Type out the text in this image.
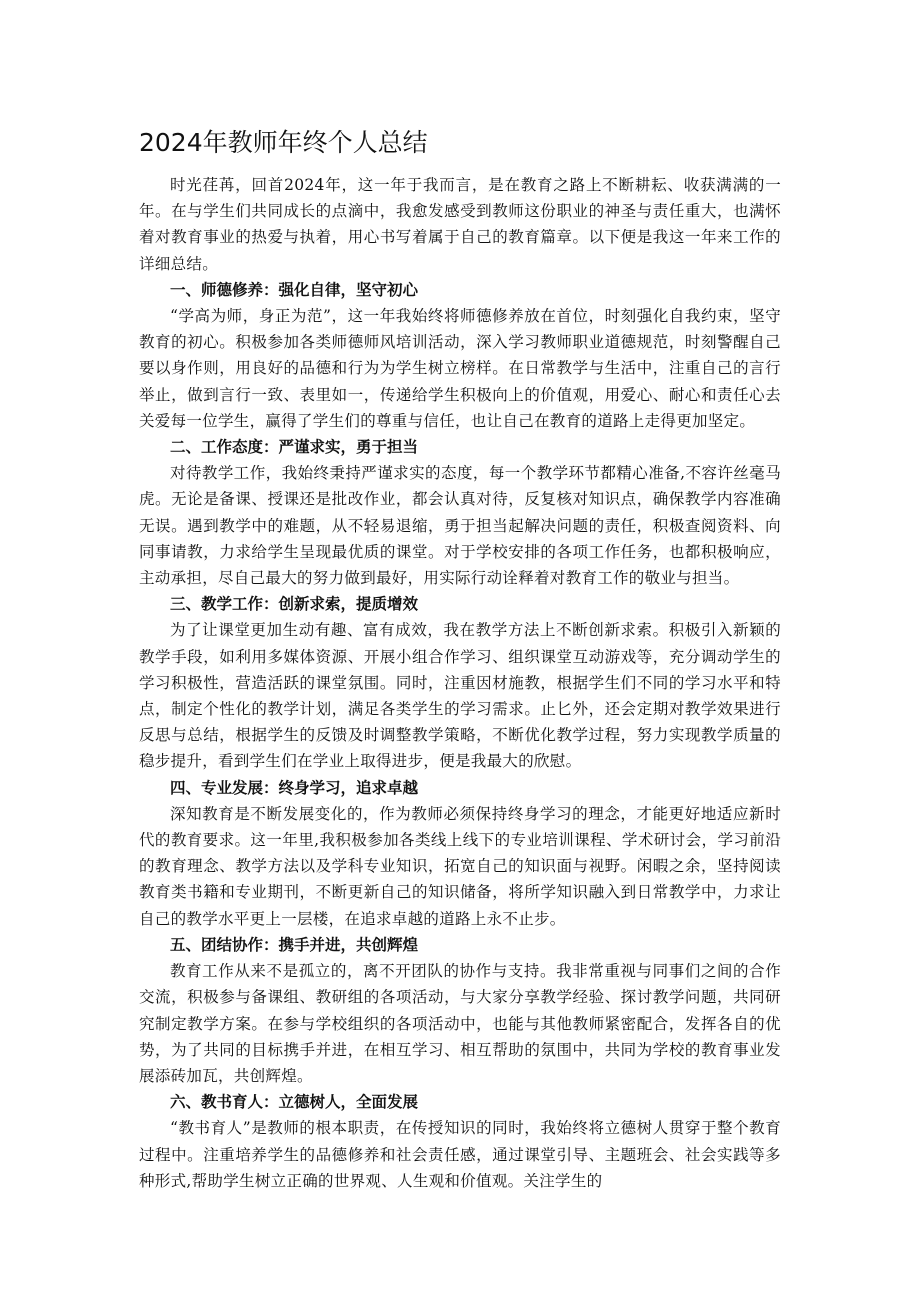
2024年教师年终个人总结

时光荏苒，回首2024年，这一年于我而言，是在教育之路上不断耕耘、收获满满的一年。在与学生们共同成长的点滴中，我愈发感受到教师这份职业的神圣与责任重大，也满怀着对教育事业的热爱与执着，用心书写着属于自己的教育篇章。以下便是我这一年来工作的详细总结。

一、师德修养：强化自律，坚守初心

“学高为师，身正为范”，这一年我始终将师德修养放在首位，时刻强化自我约束，坚守教育的初心。积极参加各类师德师风培训活动，深入学习教师职业道德规范，时刻警醒自己要以身作则，用良好的品德和行为为学生树立榜样。在日常教学与生活中，注重自己的言行举止，做到言行一致、表里如一，传递给学生积极向上的价值观，用爱心、耐心和责任心去关爱每一位学生，赢得了学生们的尊重与信任，也让自己在教育的道路上走得更加坚定。

二、工作态度：严谨求实，勇于担当

对待教学工作，我始终秉持严谨求实的态度，每一个教学环节都精心准备,不容许丝毫马虎。无论是备课、授课还是批改作业，都会认真对待，反复核对知识点，确保教学内容准确无误。遇到教学中的难题，从不轻易退缩，勇于担当起解决问题的责任，积极查阅资料、向同事请教，力求给学生呈现最优质的课堂。对于学校安排的各项工作任务，也都积极响应，主动承担，尽自己最大的努力做到最好，用实际行动诠释着对教育工作的敬业与担当。

三、教学工作：创新求索，提质增效

为了让课堂更加生动有趣、富有成效，我在教学方法上不断创新求索。积极引入新颖的教学手段，如利用多媒体资源、开展小组合作学习、组织课堂互动游戏等，充分调动学生的学习积极性，营造活跃的课堂氛围。同时，注重因材施教，根据学生们不同的学习水平和特点，制定个性化的教学计划，满足各类学生的学习需求。止匕外，还会定期对教学效果进行反思与总结，根据学生的反馈及时调整教学策略，不断优化教学过程，努力实现教学质量的稳步提升，看到学生们在学业上取得进步，便是我最大的欣慰。

四、专业发展：终身学习，追求卓越

深知教育是不断发展变化的，作为教师必须保持终身学习的理念，才能更好地适应新时代的教育要求。这一年里,我积极参加各类线上线下的专业培训课程、学术研讨会，学习前沿的教育理念、教学方法以及学科专业知识，拓宽自己的知识面与视野。闲暇之余，坚持阅读教育类书籍和专业期刊，不断更新自己的知识储备，将所学知识融入到日常教学中，力求让自己的教学水平更上一层楼，在追求卓越的道路上永不止步。

五、团结协作：携手并进，共创辉煌

教育工作从来不是孤立的，离不开团队的协作与支持。我非常重视与同事们之间的合作交流，积极参与备课组、教研组的各项活动，与大家分享教学经验、探讨教学问题，共同研究制定教学方案。在参与学校组织的各项活动中，也能与其他教师紧密配合，发挥各自的优势，为了共同的目标携手并进，在相互学习、相互帮助的氛围中，共同为学校的教育事业发展添砖加瓦，共创辉煌。

六、教书育人：立德树人，全面发展

“教书育人”是教师的根本职责，在传授知识的同时，我始终将立德树人贯穿于整个教育过程中。注重培养学生的品德修养和社会责任感，通过课堂引导、主题班会、社会实践等多种形式,帮助学生树立正确的世界观、人生观和价值观。关注学生的
